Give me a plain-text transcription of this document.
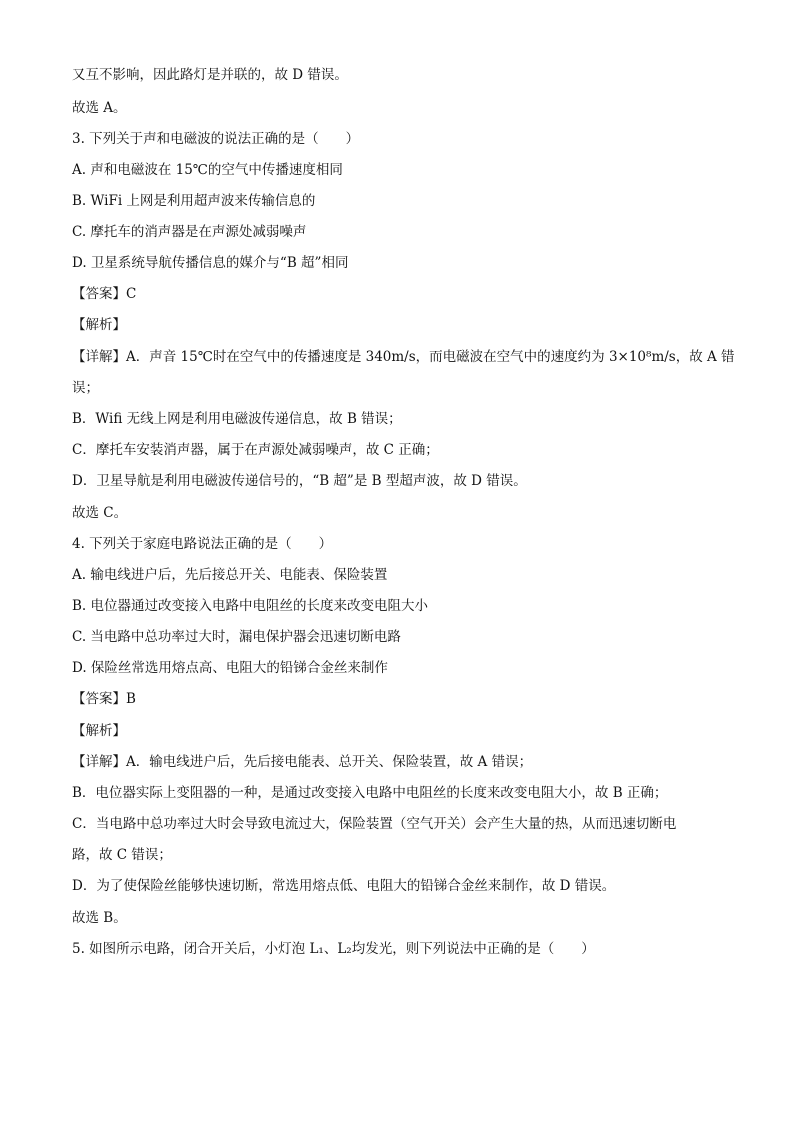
又互不影响，因此路灯是并联的，故 D 错误。
故选 A。
3. 下列关于声和电磁波的说法正确的是（　　）
A. 声和电磁波在 15℃的空气中传播速度相同
B. WiFi 上网是利用超声波来传输信息的
C. 摩托车的消声器是在声源处减弱噪声
D. 卫星系统导航传播信息的媒介与“B 超”相同
【答案】C
【解析】
【详解】A．声音 15℃时在空气中的传播速度是 340m/s，而电磁波在空气中的速度约为 3×10⁸m/s，故 A 错
误；
B．Wifi 无线上网是利用电磁波传递信息，故 B 错误；
C．摩托车安装消声器，属于在声源处减弱噪声，故 C 正确；
D．卫星导航是利用电磁波传递信号的，“B 超”是 B 型超声波，故 D 错误。
故选 C。
4. 下列关于家庭电路说法正确的是（　　）
A. 输电线进户后，先后接总开关、电能表、保险装置
B. 电位器通过改变接入电路中电阻丝的长度来改变电阻大小
C. 当电路中总功率过大时，漏电保护器会迅速切断电路
D. 保险丝常选用熔点高、电阻大的铅锑合金丝来制作
【答案】B
【解析】
【详解】A．输电线进户后，先后接电能表、总开关、保险装置，故 A 错误；
B．电位器实际上变阻器的一种，是通过改变接入电路中电阻丝的长度来改变电阻大小，故 B 正确；
C．当电路中总功率过大时会导致电流过大，保险装置（空气开关）会产生大量的热，从而迅速切断电
路，故 C 错误；
D．为了使保险丝能够快速切断，常选用熔点低、电阻大的铅锑合金丝来制作，故 D 错误。
故选 B。
5. 如图所示电路，闭合开关后，小灯泡 L₁、L₂均发光，则下列说法中正确的是（　　）
